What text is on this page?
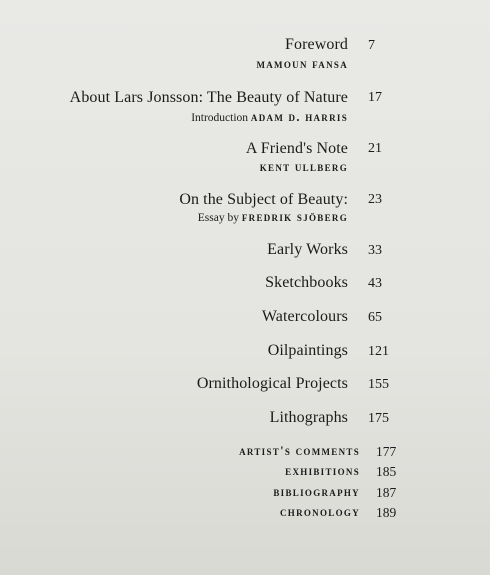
Foreword 7
mamoun fansa
About Lars Jonsson: The Beauty of Nature 17
Introduction adam d. harris
A Friend's Note 21
kent ullberg
On the Subject of Beauty: 23
Essay by fredrik sjöberg
Early Works 33
Sketchbooks 43
Watercolours 65
Oilpaintings 121
Ornithological Projects 155
Lithographs 175
artist's comments 177
exhibitions 185
bibliography 187
chronology 189
